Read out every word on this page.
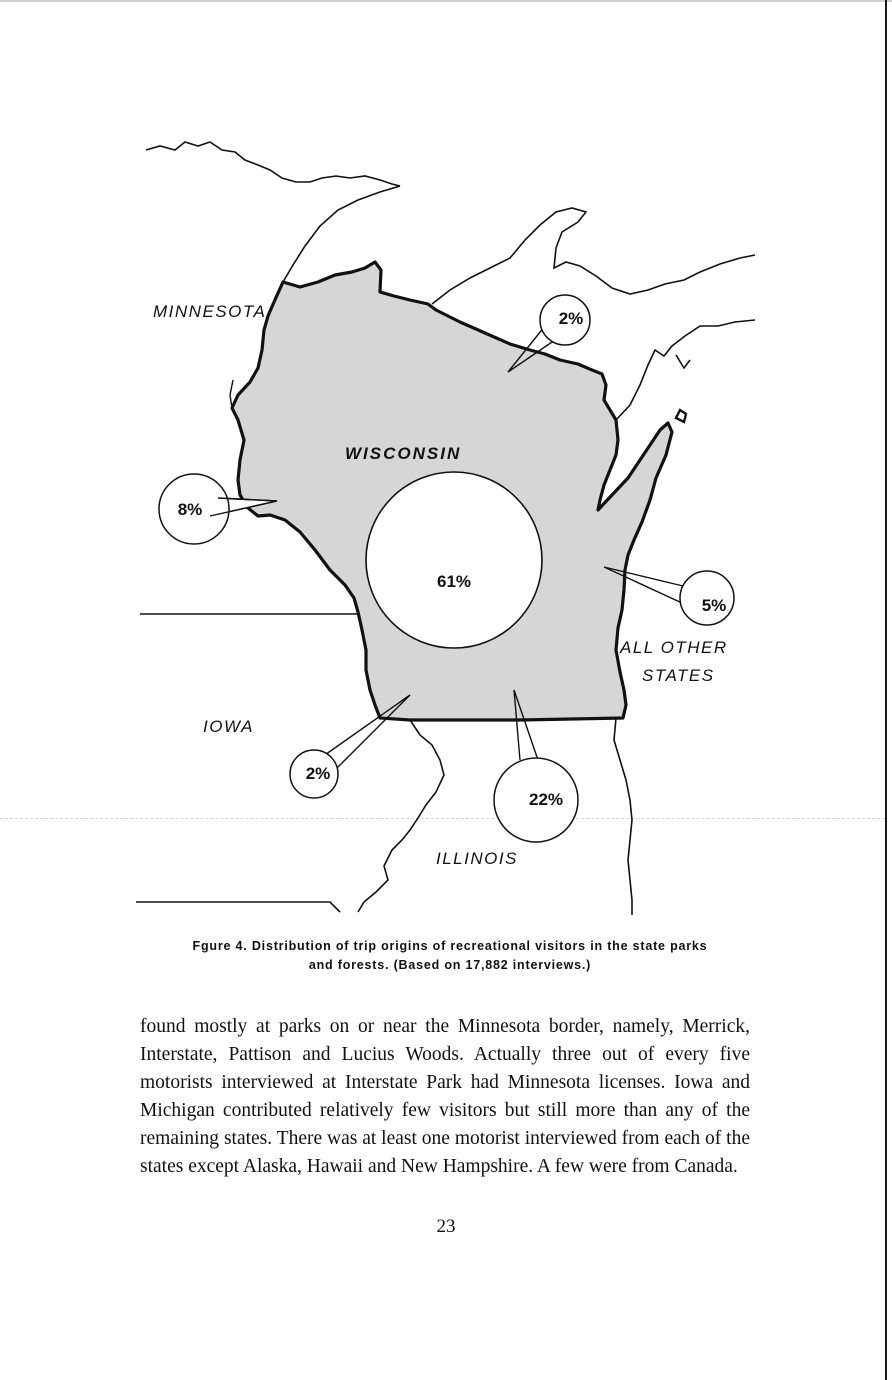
MINNESOTA
WISCONSIN
IOWA
ILLINOIS
ALL OTHER
STATES
61%
8%
2%
5%
2%
22%
Fgure 4. Distribution of trip origins of recreational visitors in the state parks
and forests. (Based on 17,882 interviews.)
found mostly at parks on or near the Minnesota border, namely, Merrick, Interstate, Pattison and Lucius Woods. Actually three out of every five motorists interviewed at Interstate Park had Minnesota licenses. Iowa and Michigan contributed relatively few visitors but still more than any of the remaining states. There was at least one motorist interviewed from each of the states except Alaska, Hawaii and New Hampshire. A few were from Canada.
23
